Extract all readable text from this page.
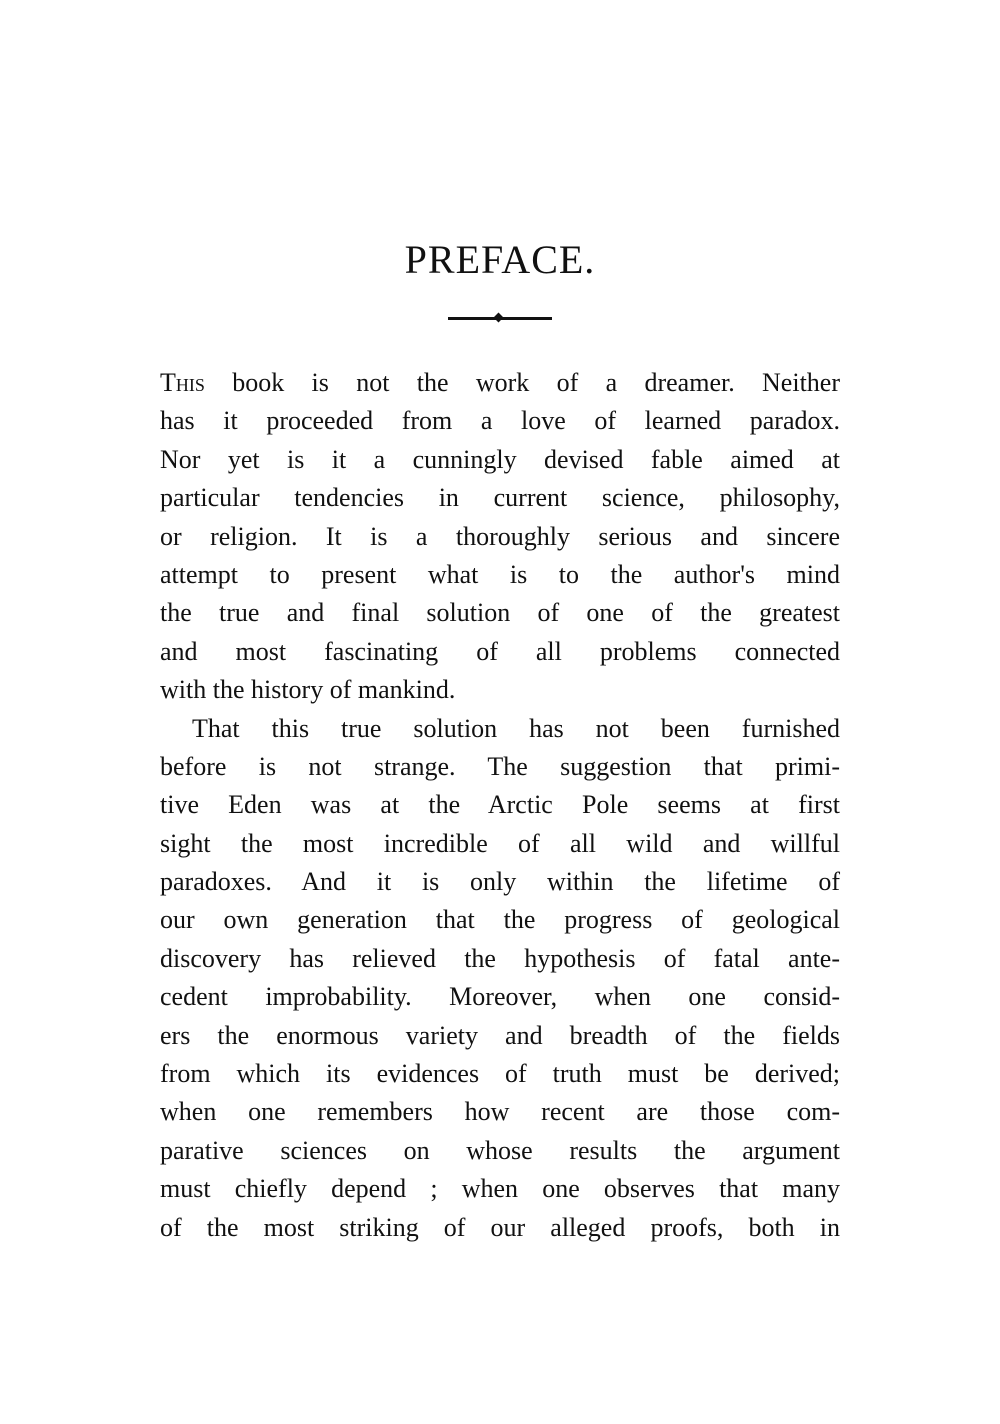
PREFACE.
This book is not the work of a dreamer. Neither
has it proceeded from a love of learned paradox.
Nor yet is it a cunningly devised fable aimed at
particular tendencies in current science, philosophy,
or religion. It is a thoroughly serious and sincere
attempt to present what is to the author's mind
the true and final solution of one of the greatest
and most fascinating of all problems connected
with the history of mankind.
That this true solution has not been furnished
before is not strange. The suggestion that primi-
tive Eden was at the Arctic Pole seems at first
sight the most incredible of all wild and willful
paradoxes. And it is only within the lifetime of
our own generation that the progress of geological
discovery has relieved the hypothesis of fatal ante-
cedent improbability. Moreover, when one consid-
ers the enormous variety and breadth of the fields
from which its evidences of truth must be derived;
when one remembers how recent are those com-
parative sciences on whose results the argument
must chiefly depend ; when one observes that many
of the most striking of our alleged proofs, both in
